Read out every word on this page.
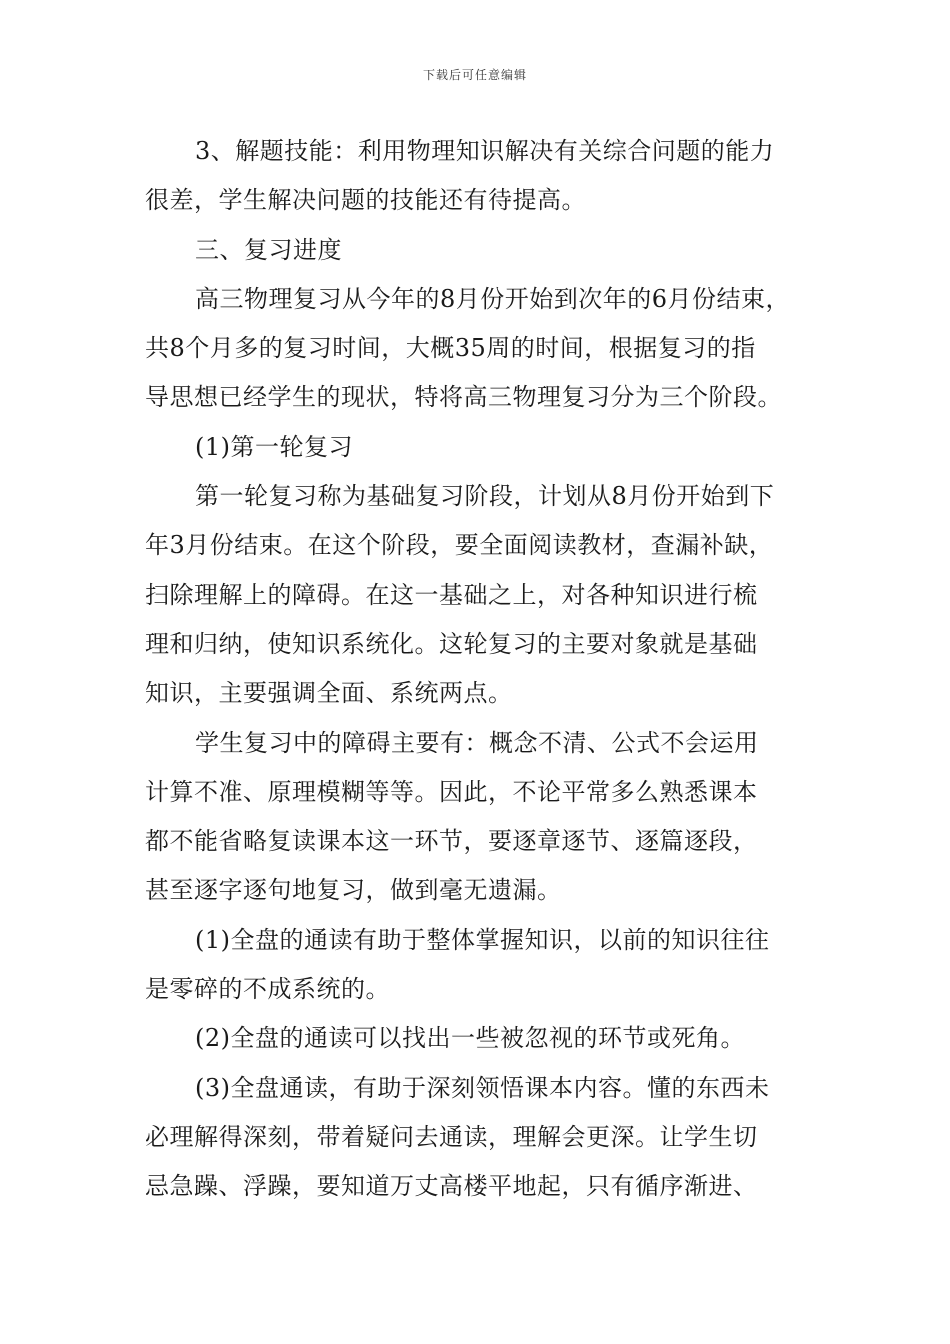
下载后可任意编辑
3、解题技能：利用物理知识解决有关综合问题的能力
很差，学生解决问题的技能还有待提高。
三、复习进度
高三物理复习从今年的8月份开始到次年的6月份结束，
共8个月多的复习时间，大概35周的时间，根据复习的指
导思想已经学生的现状，特将高三物理复习分为三个阶段。
(1)第一轮复习
第一轮复习称为基础复习阶段，计划从8月份开始到下
年3月份结束。在这个阶段，要全面阅读教材，查漏补缺，
扫除理解上的障碍。在这一基础之上，对各种知识进行梳
理和归纳，使知识系统化。这轮复习的主要对象就是基础
知识，主要强调全面、系统两点。
学生复习中的障碍主要有：概念不清、公式不会运用
计算不准、原理模糊等等。因此，不论平常多么熟悉课本
都不能省略复读课本这一环节，要逐章逐节、逐篇逐段，
甚至逐字逐句地复习，做到毫无遗漏。
(1)全盘的通读有助于整体掌握知识，以前的知识往往
是零碎的不成系统的。
(2)全盘的通读可以找出一些被忽视的环节或死角。
(3)全盘通读，有助于深刻领悟课本内容。懂的东西未
必理解得深刻，带着疑问去通读，理解会更深。让学生切
忌急躁、浮躁，要知道万丈高楼平地起，只有循序渐进、
